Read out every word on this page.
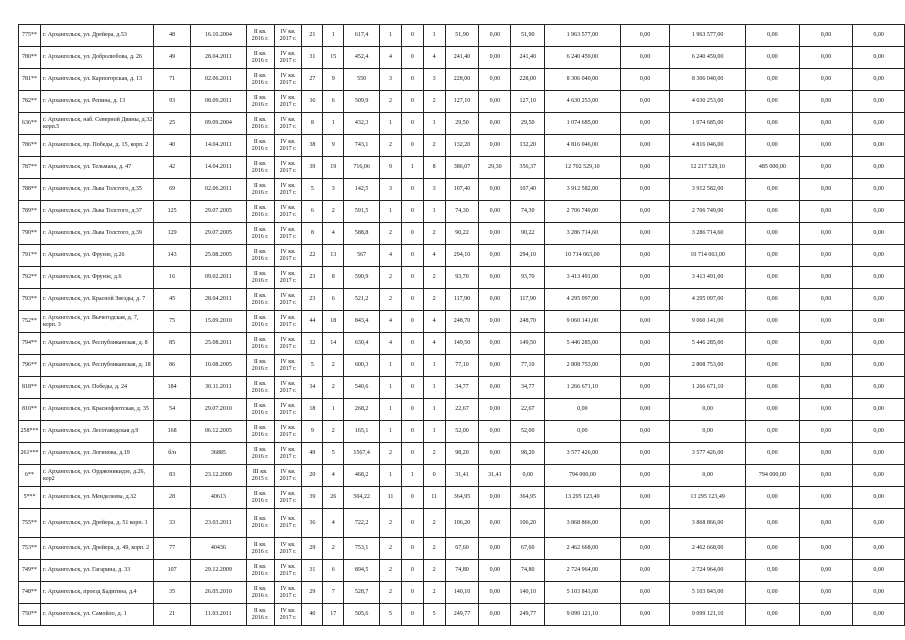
775**	г. Архангельск, ул. Дрейера, д.53	48	16.10.2004	II кв. 2016 г.	IV кв. 2017 г.	21	1	617,4	1	0	1	51,90	0,00	51,90	1 963 577,00	0,00	1 963 577,00	0,00	0,00	0,00
780**	г. Архангельск, ул. Добролюбова, д. 26	49	28.04.2011	II кв. 2016 г.	IV кв. 2017 г.	31	15	452,4	4	0	4	241,40	0,00	241,40	6 240 459,00	0,00	6 240 459,00	0,00	0,00	0,00
781**	г. Архангельск, ул. Карпогорская, д. 13	71	02.06.2011	II кв. 2016 г.	IV кв. 2017 г.	27	9	550	3	0	3	228,00	0,00	228,00	8 306 040,00	0,00	8 306 040,00	0,00	0,00	0,00
782**	г. Архангельск, ул. Репина, д. 13	93	08.09.2011	II кв. 2016 г.	IV кв. 2017 г.	36	6	509,9	2	0	2	127,10	0,00	127,10	4 630 253,00	0,00	4 630 253,00	0,00	0,00	0,00
636**	г. Архангельск, наб. Северной Двины, д.32 корп.5	25	09.09.2004	II кв. 2016 г.	IV кв. 2017 г.	8	1	432,3	1	0	1	29,50	0,00	29,50	1 074 685,00	0,00	1 074 685,00	0,00	0,00	0,00
786**	г. Архангельск, пр. Победы, д. 15, корп. 2	40	14.04.2011	II кв. 2016 г.	IV кв. 2017 г.	38	9	743,1	2	0	2	132,20	0,00	132,20	4 816 046,00	0,00	4 816 046,00	0,00	0,00	0,00
787**	г. Архангельск, ул. Тельмана, д. 47	42	14.04.2011	II кв. 2016 г.	IV кв. 2017 г.	39	19	716,06	9	1	8	386,07	29,30	356,37	12 702 529,10	0,00	12 217 529,10	485 000,00	0,00	0,00
788**	г. Архангельск, ул. Льва Толстого, д.35	69	02.06.2011	II кв. 2016 г.	IV кв. 2017 г.	5	3	142,5	3	0	3	107,40	0,00	107,40	3 912 582,00	0,00	3 912 582,00	0,00	0,00	0,00
789**	г. Архангельск, ул. Льва Толстого, д.37	125	29.07.2005	II кв. 2016 г.	IV кв. 2017 г.	6	2	591,5	1	0	1	74,30	0,00	74,30	2 706 749,00	0,00	2 706 749,00	0,00	0,00	0,00
790**	г. Архангельск, ул. Льва Толстого, д.39	129	29.07.2005	II кв. 2016 г.	IV кв. 2017 г.	8	4	588,8	2	0	2	90,22	0,00	90,22	3 286 714,60	0,00	3 286 714,60	0,00	0,00	0,00
791**	г. Архангельск, ул. Фрунзе, д.26	143	25.08.2005	II кв. 2016 г.	IV кв. 2017 г.	22	13	567	4	0	4	294,10	0,00	294,10	10 714 063,00	0,00	10 714 063,00	0,00	0,00	0,00
792**	г. Архангельск, ул. Фрунзе, д.6	16	09.02.2011	II кв. 2016 г.	IV кв. 2017 г.	23	8	590,9	2	0	2	93,70	0,00	93,70	3 413 491,00	0,00	3 413 491,00	0,00	0,00	0,00
793**	г. Архангельск, ул. Красной Звезды, д. 7	45	28.04.2011	II кв. 2016 г.	IV кв. 2017 г.	23	6	521,2	2	0	2	117,90	0,00	117,90	4 295 097,00	0,00	4 295 097,00	0,00	0,00	0,00
752**	г. Архангельск, ул. Вычегодская, д. 7, корп. 3	75	15.09.2010	II кв. 2016 г.	IV кв. 2017 г.	44	18	843,4	4	0	4	248,70	0,00	248,70	9 060 141,00	0,00	9 060 141,00	0,00	0,00	0,00
794**	г. Архангельск, ул. Республиканская, д. 8	85	25.08.2011	II кв. 2016 г.	IV кв. 2017 г.	32	14	630,4	4	0	4	149,50	0,00	149,50	5 446 285,00	0,00	5 446 285,00	0,00	0,00	0,00
796**	г. Архангельск, ул. Республиканская, д. 18	86	10.08.2005	II кв. 2016 г.	IV кв. 2017 г.	5	2	600,3	1	0	1	77,10	0,00	77,10	2 808 753,00	0,00	2 808 753,00	0,00	0,00	0,00
818**	г. Архангельск, ул. Победы, д. 24	184	30.11.2011	II кв. 2016 г.	IV кв. 2017 г.	34	2	540,6	1	0	1	34,77	0,00	34,77	1 266 671,10	0,00	1 266 671,10	0,00	0,00	0,00
810**	г. Архангельск, ул. Краснофлотская, д. 35	54	29.07.2010	II кв. 2016 г.	IV кв. 2017 г.	18	1	268,2	1	0	1	22,67	0,00	22,67	0,00	0,00	0,00	0,00	0,00	0,00
258***	г. Архангельск, ул. Лесотаводская д.9	168	06.12.2005	II кв. 2016 г.	IV кв. 2017 г.	9	2	165,1	1	0	1	52,00	0,00	52,00	0,00	0,00	0,00	0,00	0,00	0,00
261***	г. Архангельск, ул. Логинова, д.19	б/н	36885	II кв. 2016 г.	IV кв. 2017 г.	49	5	1567,4	2	0	2	98,20	0,00	98,20	3 577 426,00	0,00	3 577 426,00	0,00	0,00	0,00
6**	г. Архангельск, ул. Орджоникидзе, д.26, кор2	83	23.12.2009	III кв. 2015 г.	IV кв. 2017 г.	20	4	468,2	1	1	0	31,41	31,41	0,00	794 000,00	0,00	0,00	794 000,00	0,00	0,00
5***	г. Архангельск, ул. Менделеева, д.32	28	40613	II кв. 2016 г.	IV кв. 2017 г.	39	26	504,22	11	0	11	364,95	0,00	364,95	13 295 123,49	0,00	13 295 123,49	0,00	0,00	0,00
755**	г. Архангельск, ул. Дрейера, д. 51 корп. 1	33	23.03.2011	II кв. 2016 г.	IV кв. 2017 г.	36	4	722,2	2	0	2	106,20	0,00	106,20	3 868 866,00	0,00	3 868 866,00	0,00	0,00	0,00
753**	г. Архангельск, ул. Дрейера, д. 49, корп. 2	77	40436	II кв. 2016 г.	IV кв. 2017 г.	29	2	753,1	2	0	2	67,60	0,00	67,60	2 462 668,00	0,00	2 462 668,00	0,00	0,00	0,00
749**	г. Архангельск, ул. Гагарина, д. 33	107	29.12.2009	II кв. 2016 г.	IV кв. 2017 г.	31	6	894,5	2	0	2	74,80	0,00	74,80	2 724 964,00	0,00	2 724 964,00	0,00	0,00	0,00
748**	г. Архангельск, проезд Бадигина, д.4	35	26.05.2010	II кв. 2016 г.	IV кв. 2017 г.	29	7	528,7	2	0	2	140,10	0,00	140,10	5 103 843,00	0,00	5 103 843,00	0,00	0,00	0,00
750**	г. Архангельск, ул. Самойло, д. 1	21	11.03.2011	II кв. 2016 г.	IV кв. 2017 г.	40	17	505,6	5	0	5	249,77	0,00	249,77	9 099 121,10	0,00	9 099 121,10	0,00	0,00	0,00
